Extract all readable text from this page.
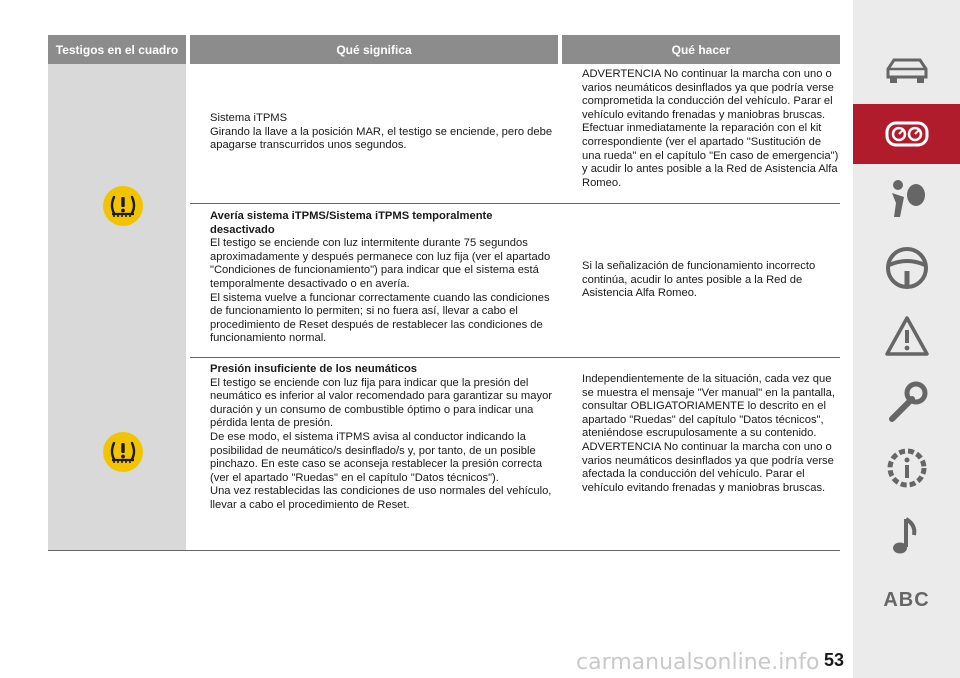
Testigos en el cuadro	Qué significa	Qué hacer
Sistema iTPMS
Girando la llave a la posición MAR, el testigo se enciende, pero debe apagarse transcurridos unos segundos.
ADVERTENCIA No continuar la marcha con uno o varios neumáticos desinflados ya que podría verse comprometida la conducción del vehículo. Parar el vehículo evitando frenadas y maniobras bruscas. Efectuar inmediatamente la reparación con el kit correspondiente (ver el apartado "Sustitución de una rueda" en el capítulo "En caso de emergencia") y acudir lo antes posible a la Red de Asistencia Alfa Romeo.
Avería sistema iTPMS/Sistema iTPMS temporalmente desactivado
El testigo se enciende con luz intermitente durante 75 segundos aproximadamente y después permanece con luz fija (ver el apartado "Condiciones de funcionamiento") para indicar que el sistema está temporalmente desactivado o en avería.
El sistema vuelve a funcionar correctamente cuando las condiciones de funcionamiento lo permiten; si no fuera así, llevar a cabo el procedimiento de Reset después de restablecer las condiciones de funcionamiento normal.
Si la señalización de funcionamiento incorrecto continúa, acudir lo antes posible a la Red de Asistencia Alfa Romeo.
Presión insuficiente de los neumáticos
El testigo se enciende con luz fija para indicar que la presión del neumático es inferior al valor recomendado para garantizar su mayor duración y un consumo de combustible óptimo o para indicar una pérdida lenta de presión.
De ese modo, el sistema iTPMS avisa al conductor indicando la posibilidad de neumático/s desinflado/s y, por tanto, de un posible pinchazo. En este caso se aconseja restablecer la presión correcta (ver el apartado "Ruedas" en el capítulo "Datos técnicos").
Una vez restablecidas las condiciones de uso normales del vehículo, llevar a cabo el procedimiento de Reset.
Independientemente de la situación, cada vez que se muestra el mensaje "Ver manual" en la pantalla, consultar OBLIGATORIAMENTE lo descrito en el apartado "Ruedas" del capítulo "Datos técnicos", ateniéndose escrupulosamente a su contenido.
ADVERTENCIA No continuar la marcha con uno o varios neumáticos desinflados ya que podría verse afectada la conducción del vehículo. Parar el vehículo evitando frenadas y maniobras bruscas.
ABC
carmanualsonline.info 53
